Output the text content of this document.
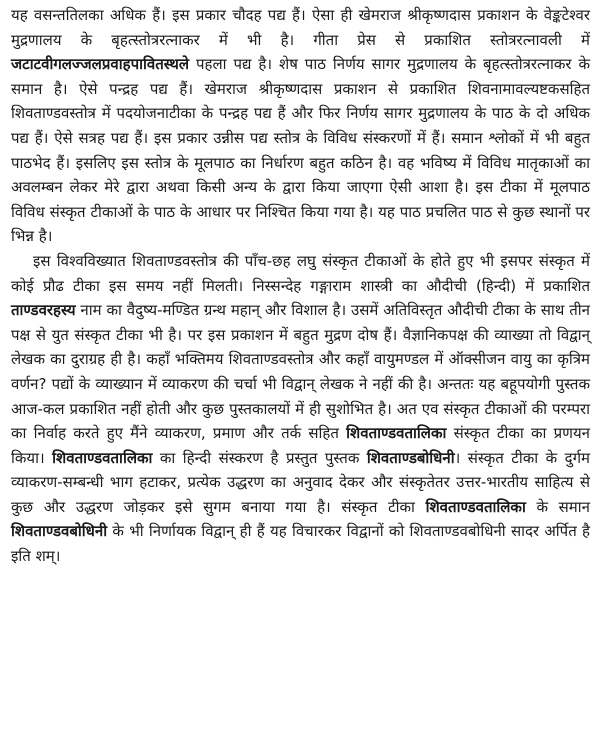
यह वसन्ततिलका अधिक हैं। इस प्रकार चौदह पद्य हैं। ऐसा ही खेमराज श्रीकृष्णदास प्रकाशन के वेङ्कटेश्वर मुद्रणालय के बृहत्स्तोत्ररत्नाकर में भी है। गीता प्रेस से प्रकाशित स्तोत्ररत्नावली में जटाटवीगलज्जलप्रवाहपावितस्थले पहला पद्य है। शेष पाठ निर्णय सागर मुद्रणालय के बृहत्स्तोत्ररत्नाकर के समान है। ऐसे पन्द्रह पद्य हैं। खेमराज श्रीकृष्णदास प्रकाशन से प्रकाशित शिवनामावल्यष्टकसहित शिवताण्डवस्तोत्र में पदयोजनाटीका के पन्द्रह पद्य हैं और फिर निर्णय सागर मुद्रणालय के पाठ के दो अधिक पद्य हैं। ऐसे सत्रह पद्य हैं। इस प्रकार उन्नीस पद्य स्तोत्र के विविध संस्करणों में हैं। समान श्लोकों में भी बहुत पाठभेद हैं। इसलिए इस स्तोत्र के मूलपाठ का निर्धारण बहुत कठिन है। वह भविष्य में विविध मातृकाओं का अवलम्बन लेकर मेरे द्वारा अथवा किसी अन्य के द्वारा किया जाएगा ऐसी आशा है। इस टीका में मूलपाठ विविध संस्कृत टीकाओं के पाठ के आधार पर निश्चित किया गया है। यह पाठ प्रचलित पाठ से कुछ स्थानों पर भिन्न है।

इस विश्वविख्यात शिवताण्डवस्तोत्र की पाँच-छह लघु संस्कृत टीकाओं के होते हुए भी इसपर संस्कृत में कोई प्रौढ टीका इस समय नहीं मिलती। निस्सन्देह गङ्गाराम शास्त्री का औदीची (हिन्दी) में प्रकाशित ताण्डवरहस्य नाम का वैदुष्य-मण्डित ग्रन्थ महान् और विशाल है। उसमें अतिविस्तृत औदीची टीका के साथ तीन पक्ष से युत संस्कृत टीका भी है। पर इस प्रकाशन में बहुत मुद्रण दोष हैं। वैज्ञानिकपक्ष की व्याख्या तो विद्वान् लेखक का दुराग्रह ही है। कहाँ भक्तिमय शिवताण्डवस्तोत्र और कहाँ वायुमण्डल में ऑक्सीजन वायु का कृत्रिम वर्णन? पद्यों के व्याख्यान में व्याकरण की चर्चा भी विद्वान् लेखक ने नहीं की है। अन्ततः यह बहूपयोगी पुस्तक आज-कल प्रकाशित नहीं होती और कुछ पुस्तकालयों में ही सुशोभित है। अत एव संस्कृत टीकाओं की परम्परा का निर्वाह करते हुए मैंने व्याकरण, प्रमाण और तर्क सहित शिवताण्डवतालिका संस्कृत टीका का प्रणयन किया। शिवताण्डवतालिका का हिन्दी संस्करण है प्रस्तुत पुस्तक शिवताण्डबोधिनी। संस्कृत टीका के दुर्गम व्याकरण-सम्बन्धी भाग हटाकर, प्रत्येक उद्धरण का अनुवाद देकर और संस्कृतेतर उत्तर-भारतीय साहित्य से कुछ और उद्धरण जोड़कर इसे सुगम बनाया गया है। संस्कृत टीका शिवताण्डवतालिका के समान शिवताण्डवबोधिनी के भी निर्णायक विद्वान् ही हैं यह विचारकर विद्वानों को शिवताण्डवबोधिनी सादर अर्पित है इति शम्।
